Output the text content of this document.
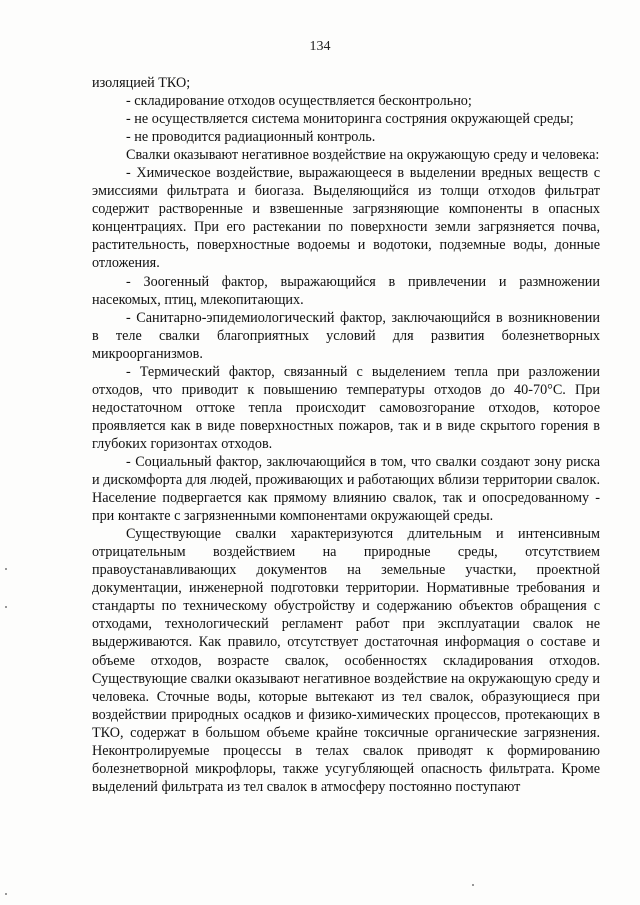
134

изоляцией ТКО;

- складирование отходов осуществляется бесконтрольно;

- не осуществляется система мониторинга состряния окружающей среды;

- не проводится радиационный контроль.

Свалки оказывают негативное воздействие на окружающую среду и человека:

- Химическое воздействие, выражающееся в выделении вредных веществ с эмиссиями фильтрата и биогаза. Выделяющийся из толщи отходов фильтрат содержит растворенные и взвешенные загрязняющие компоненты в опасных концентрациях. При его растекании по поверхности земли загрязняется почва, растительность, поверхностные водоемы и водотоки, подземные воды, донные отложения.

- Зоогенный фактор, выражающийся в привлечении и размножении насекомых, птиц, млекопитающих.

- Санитарно-эпидемиологический фактор, заключающийся в возникновении в теле свалки благоприятных условий для развития болезнетворных микроорганизмов.

- Термический фактор, связанный с выделением тепла при разложении отходов, что приводит к повышению температуры отходов до 40-70°С. При недостаточном оттоке тепла происходит самовозгорание отходов, которое проявляется как в виде поверхностных пожаров, так и в виде скрытого горения в глубоких горизонтах отходов.

- Социальный фактор, заключающийся в том, что свалки создают зону риска и дискомфорта для людей, проживающих и работающих вблизи территории свалок. Население подвергается как прямому влиянию свалок, так и опосредованному - при контакте с загрязненными компонентами окружающей среды.

Существующие свалки характеризуются длительным и интенсивным отрицательным воздействием на природные среды, отсутствием правоустанавливающих документов на земельные участки, проектной документации, инженерной подготовки территории. Нормативные требования и стандарты по техническому обустройству и содержанию объектов обращения с отходами, технологический регламент работ при эксплуатации свалок не выдерживаются. Как правило, отсутствует достаточная информация о составе и объеме отходов, возрасте свалок, особенностях складирования отходов. Существующие свалки оказывают негативное воздействие на окружающую среду и человека. Сточные воды, которые вытекают из тел свалок, образующиеся при воздействии природных осадков и физико-химических процессов, протекающих в ТКО, содержат в большом объеме крайне токсичные органические загрязнения. Неконтролируемые процессы в телах свалок приводят к формированию болезнетворной микрофлоры, также усугубляющей опасность фильтрата. Кроме выделений фильтрата из тел свалок в атмосферу постоянно поступают
